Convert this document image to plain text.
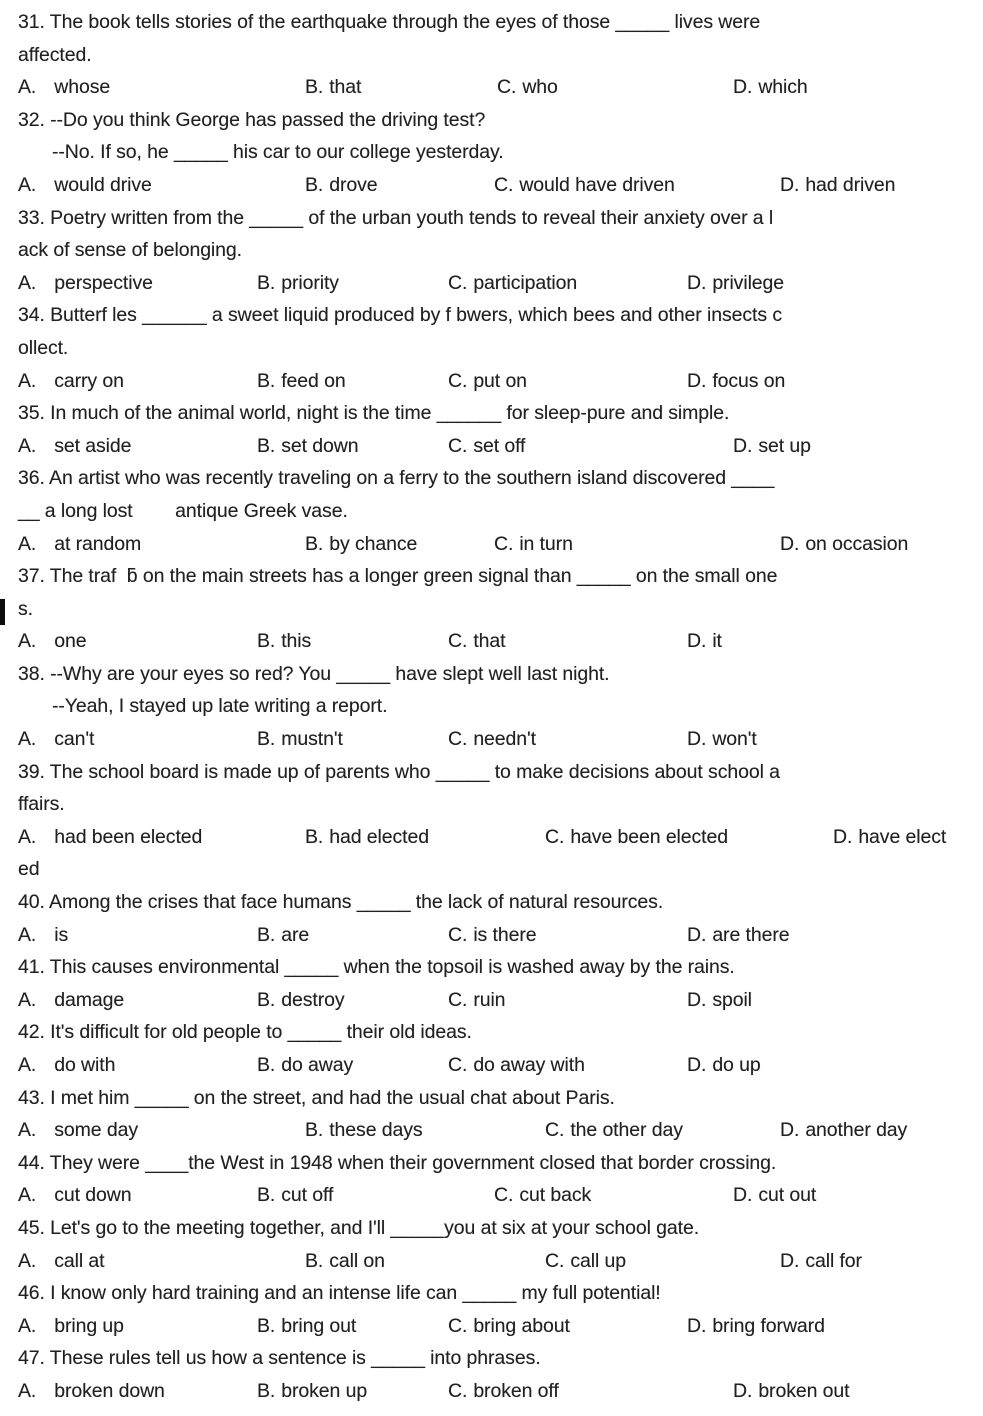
31. The book tells stories of the earthquake through the eyes of those _____ lives were
affected.
A. whose	B. that	C. who	D. which
32. --Do you think George has passed the driving test?
--No. If so, he _____ his car to our college yesterday.
A. would drive	B. drove	C. would have driven	D. had driven
33. Poetry written from the _____ of the urban youth tends to reveal their anxiety over a l
ack of sense of belonging.
A. perspective	B. priority	C. participation	D. privilege
34. Butterf les ______ a sweet liquid produced by f bwers, which bees and other insects c
ollect.
A. carry on	B. feed on	C. put on	D. focus on
35. In much of the animal world, night is the time ______ for sleep-pure and simple.
A. set aside	B. set down	C. set off	D. set up
36. An artist who was recently traveling on a ferry to the southern island discovered ____
__ a long lost        antique Greek vase.
A. at random	B. by chance	C. in turn	D. on occasion
37. The traf  ƃ on the main streets has a longer green signal than _____ on the small one
s.
A. one	B. this	C. that	D. it
38. --Why are your eyes so red? You _____ have slept well last night.
--Yeah, I stayed up late writing a report.
A. can't	B. mustn't	C. needn't	D. won't
39. The school board is made up of parents who _____ to make decisions about school a
ffairs.
A. had been elected	B. had elected	C. have been elected	D. have elect
ed
40. Among the crises that face humans _____ the lack of natural resources.
A. is	B. are	C. is there	D. are there
41. This causes environmental _____ when the topsoil is washed away by the rains.
A. damage	B. destroy	C. ruin	D. spoil
42. It's difficult for old people to _____ their old ideas.
A. do with	B. do away	C. do away with	D. do up
43. I met him _____ on the street, and had the usual chat about Paris.
A. some day	B. these days	C. the other day	D. another day
44. They were ____the West in 1948 when their government closed that border crossing.
A. cut down	B. cut off	C. cut back	D. cut out
45. Let's go to the meeting together, and I'll _____you at six at your school gate.
A. call at	B. call on	C. call up	D. call for
46. I know only hard training and an intense life can _____ my full potential!
A. bring up	B. bring out	C. bring about	D. bring forward
47. These rules tell us how a sentence is _____ into phrases.
A. broken down	B. broken up	C. broken off	D. broken out
